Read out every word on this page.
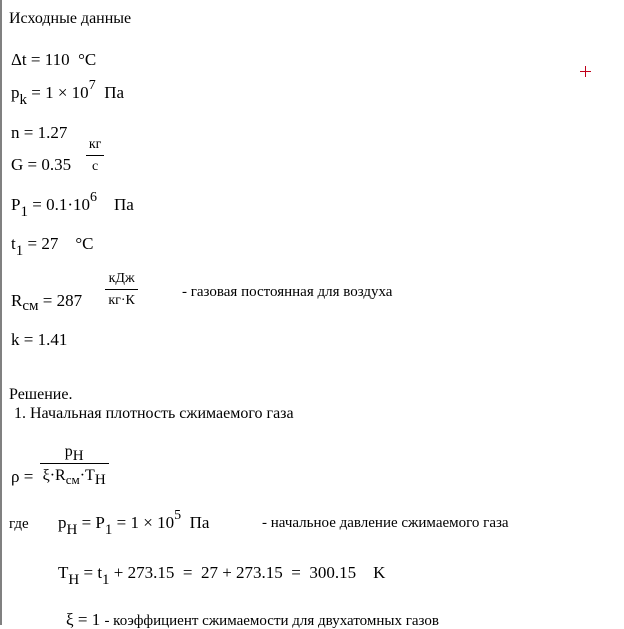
Исходные данные
Δt = 110 °C
pk = $1 \times 10^7$ Па
n = 1.27
$G = 0.35 \frac{кг}{с}$
$P1 = 0.1\cdot 10^6$ Па
t1 = 27 °C
Rсм = $287 \frac{\text{кДж}}{кг\cdot К}$	- газовая постоянная для воздуха
k = 1.41
Решение.
1. Начальная плотность сжимаемого газа
$\rho = \frac{pH}{\xi\cdot R_{см}\cdot TH}$
где pH = $P1 = 1 \times 10^5$ Па	- начальное давление сжимаемого газа
TH = t1 + 273.15  =  27 + 273.15  =  300.15 K
ξ = 1 - коэффициент сжимаемости для двухатомных газов
